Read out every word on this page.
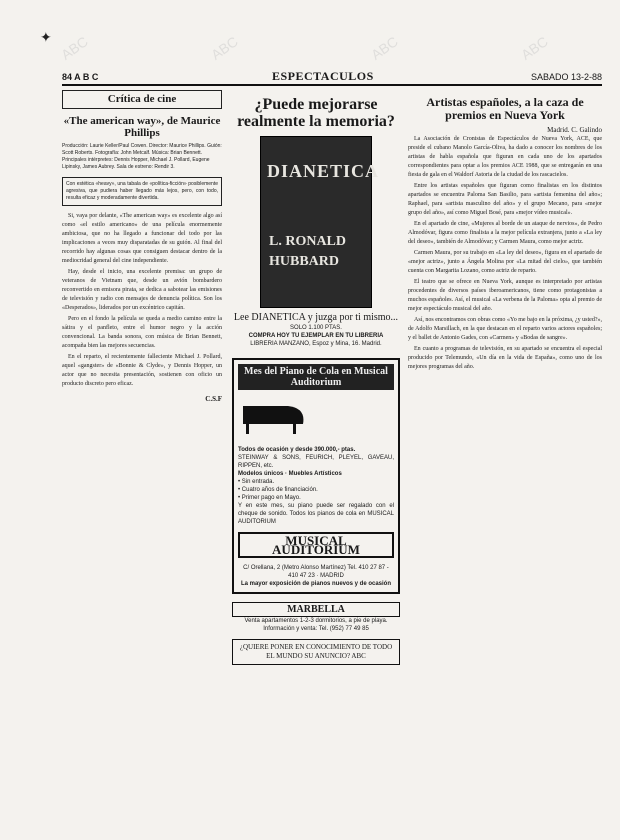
✦
84 A B C	ESPECTACULOS	SABADO 13-2-88
Crítica de cine
«The american way», de Maurice Phillips
Producción: Laurie Keller/Paul Cowen. Director: Maurice Phillips. Guión: Scott Roberts. Fotografía: John Metcalf. Música: Brian Bennett. Principales intérpretes: Dennis Hopper, Michael J. Pollard, Eugene Lipinsky, James Aubrey. Sala de estreno: Rendir 3.
Con estética «heavy», una tabala de «política-ficción» posiblemente agresiva, que pudiera haber llegado más lejos, pero, con todo, resulta eficaz y moderadamente divertida.

Si, vaya por delante, «The american way» es excelente algo así como «el estilo americano» de una película enormemente ambiciosa, que no ha llegado a funcionar del todo por las implicaciones a veces muy disparatadas de su guión. Al final del recorrido hay algunas cosas que consiguen destacar dentro de la mediocridad general del cine independiente.

Hay, desde el inicio, una excelente premisa: un grupo de veteranos de Vietnam que, desde un avión bombardero reconvertido en emisora pirata, se dedica a sabotear las emisiones de televisión y radio con mensajes de denuncia política. Son los «Desperados», liderados por un excéntrico capitán.

Pero en el fondo la película se queda a medio camino entre la sátira y el panfleto, entre el humor negro y la acción convencional. La banda sonora, con música de Brian Bennett, acompaña bien las mejores secuencias.

En el reparto, el recientemente falleciente Michael J. Pollard, aquel «gangster» de «Bonnie & Clyde», y Dennis Hopper, un actor que no necesita presentación, sostienen con oficio un producto discreto pero eficaz.

C.S.F
¿Puede mejorarse realmente la memoria?
DIANETICA
L. RONALD
HUBBARD
Lee DIANETICA y juzga por ti mismo...
SOLO 1.100 PTAS.
COMPRA HOY TU EJEMPLAR EN TU LIBRERIA
LIBRERIA MANZANO, Espoz y Mina, 16. Madrid.
Mes del Piano de Cola en Musical Auditorium
Todos de ocasión y desde 390.000,- ptas.
STEINWAY & SONS, FEURICH, PLEYEL, GAVEAU, RIPPEN, etc.
Modelos únicos · Muebles Artísticos
• Sin entrada.
• Cuatro años de financiación.
• Primer pago en Mayo.
Y en este mes, su piano puede ser regalado con el cheque de sonido. Todos los pianos de cola en MUSICAL AUDITORIUM
MUSICAL AUDITORIUM
C/ Orellana, 2 (Metro Alonso Martínez) Tel. 410 27 87 - 410 47 23 · MADRID
La mayor exposición de pianos nuevos y de ocasión
MARBELLA
Venta apartamentos 1-2-3 dormitorios, a pie de playa. Información y venta: Tel. (952) 77 49 85
¿QUIERE PONER EN CONOCIMIENTO DE TODO EL MUNDO SU ANUNCIO? ABC
Artistas españoles, a la caza de premios en Nueva York
Madrid. C. Galindo

La Asociación de Cronistas de Espectáculos de Nueva York, ACE, que preside el cubano Manolo García-Oliva, ha dado a conocer los nombres de los artistas de habla española que figuran en cada uno de los apartados correspondientes para optar a los premios ACE 1988, que se entregarán en una fiesta de gala en el Waldorf Astoria de la ciudad de los rascacielos.

Entre los artistas españoles que figuran como finalistas en los distintos apartados se encuentra Paloma San Basilio, para «artista femenina del año»; Raphael, para «artista masculino del año» y el grupo Mecano, para «mejor grupo del año», así como Miguel Bosé, para «mejor vídeo musical».

En el apartado de cine, «Mujeres al borde de un ataque de nervios», de Pedro Almodóvar, figura como finalista a la mejor película extranjera, junto a «La ley del deseo», también de Almodóvar; y Carmen Maura, como mejor actriz.

Carmen Maura, por su trabajo en «La ley del deseo», figura en el apartado de «mejor actriz», junto a Ángela Molina por «La mitad del cielo», que también cuenta con Margarita Lozano, como actriz de reparto.

El teatro que se ofrece en Nueva York, aunque es interpretado por artistas procedentes de diversos países iberoamericanos, tiene como protagonistas a muchos españoles. Así, el musical «La verbena de la Paloma» opta al premio de mejor espectáculo musical del año.

Así, nos encontramos con obras como «Yo me bajo en la próxima, ¿y usted?», de Adolfo Marsillach, en la que destacan en el reparto varios actores españoles; y el ballet de Antonio Gades, con «Carmen» y «Bodas de sangre».

En cuanto a programas de televisión, en su apartado se encuentra el especial producido por Telemundo, «Un día en la vida de España», como uno de los mejores programas del año.

ABC	ABC	ABC	ABC
